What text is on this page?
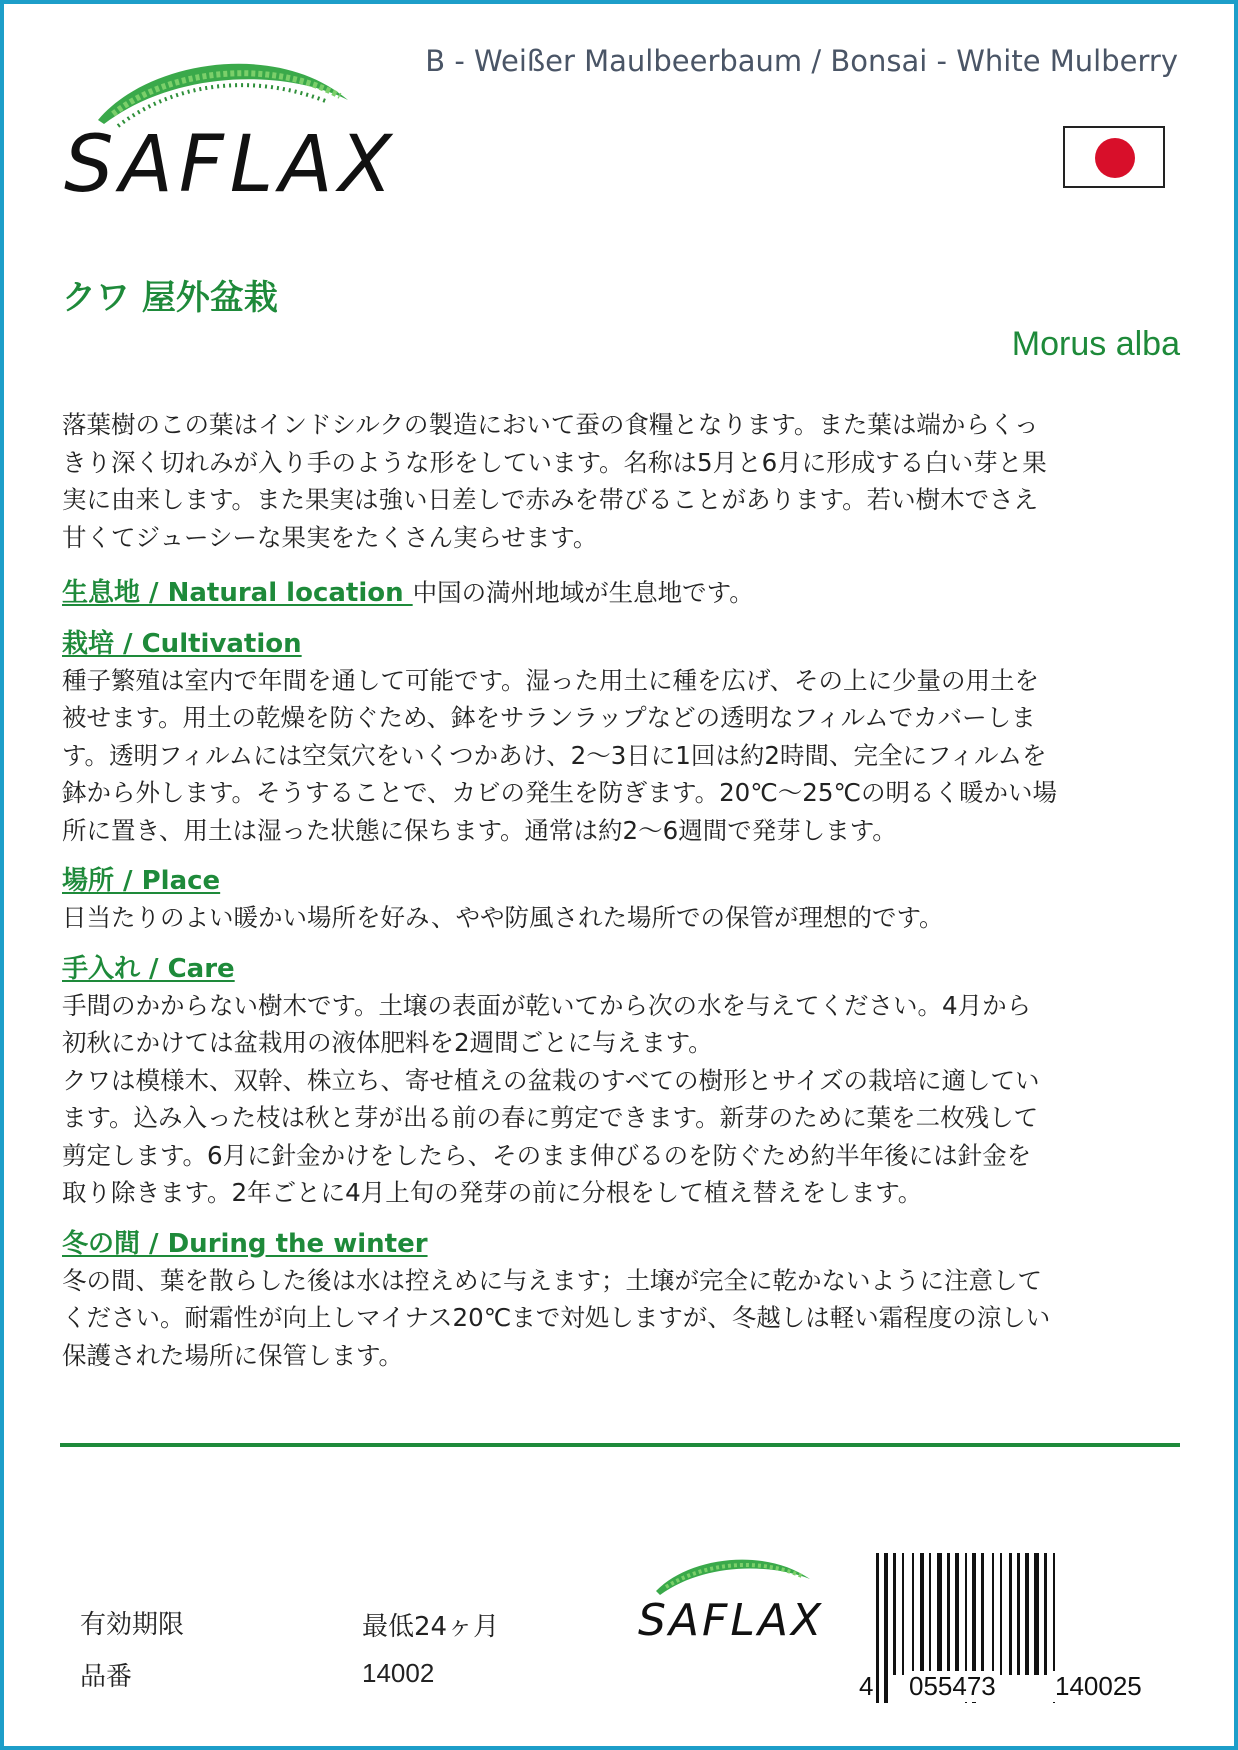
SAFLAX
B - Weißer Maulbeerbaum / Bonsai - White Mulberry
クワ 屋外盆栽
Morus alba

落葉樹のこの葉はインドシルクの製造において蚕の食糧となります。また葉は端からくっ

きり深く切れみが入り手のような形をしています。名称は5月と6月に形成する白い芽と果

実に由来します。また果実は強い日差しで赤みを帯びることがあります。若い樹木でさえ

甘くてジューシーな果実をたくさん実らせます。

生息地 / Natural location 中国の満州地域が生息地です。

栽培 / Cultivation

種子繁殖は室内で年間を通して可能です。湿った用土に種を広げ、その上に少量の用土を

被せます。用土の乾燥を防ぐため、鉢をサランラップなどの透明なフィルムでカバーしま

す。透明フィルムには空気穴をいくつかあけ、2～3日に1回は約2時間、完全にフィルムを

鉢から外します。そうすることで、カビの発生を防ぎます。20℃〜25℃の明るく暖かい場

所に置き、用土は湿った状態に保ちます。通常は約2～6週間で発芽します。

場所 / Place

日当たりのよい暖かい場所を好み、やや防風された場所での保管が理想的です。

手入れ / Care

手間のかからない樹木です。土壌の表面が乾いてから次の水を与えてください。4月から

初秋にかけては盆栽用の液体肥料を2週間ごとに与えます。

クワは模様木、双幹、株立ち、寄せ植えの盆栽のすべての樹形とサイズの栽培に適してい

ます。込み入った枝は秋と芽が出る前の春に剪定できます。新芽のために葉を二枚残して

剪定します。6月に針金かけをしたら、そのまま伸びるのを防ぐため約半年後には針金を

取り除きます。2年ごとに4月上旬の発芽の前に分根をして植え替えをします。

冬の間 / During the winter

冬の間、葉を散らした後は水は控えめに与えます；土壌が完全に乾かないように注意して

ください。耐霜性が向上しマイナス20℃まで対処しますが、冬越しは軽い霜程度の涼しい

保護された場所に保管します。

有効期限	最低24ヶ月
品番	14002
SAFLAX
4 055473 140025
